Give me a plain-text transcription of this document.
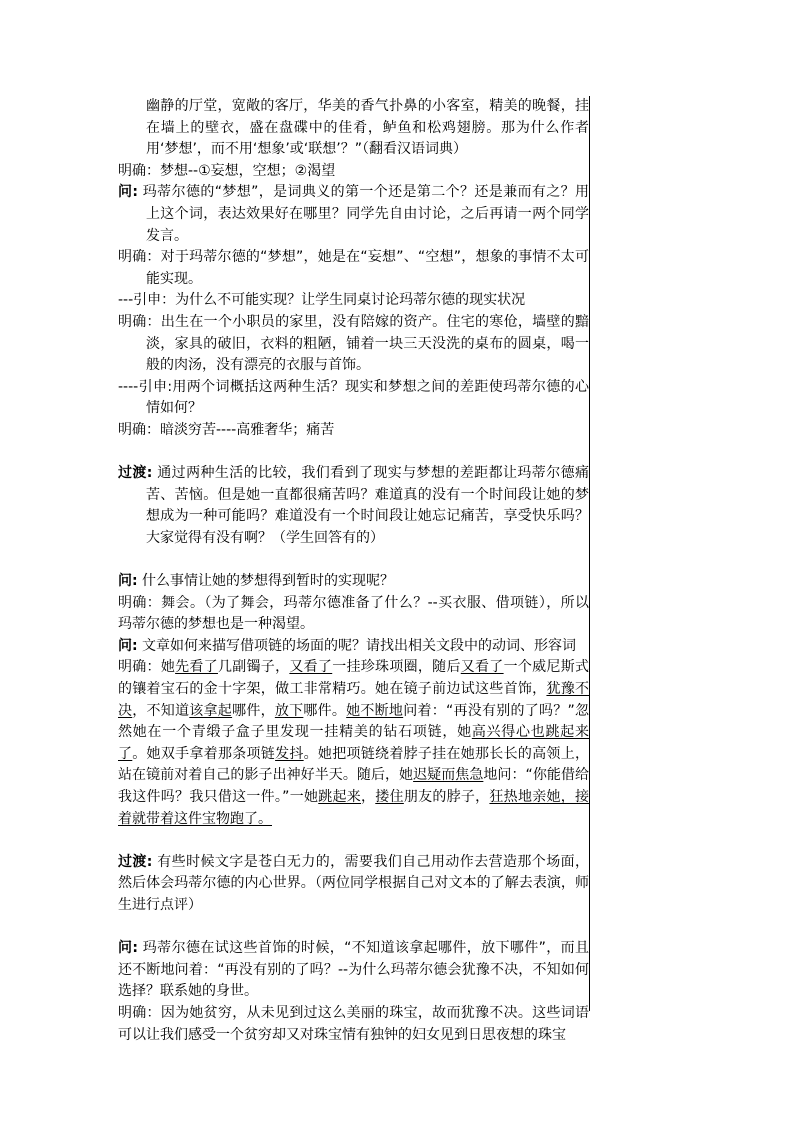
幽静的厅堂，宽敞的客厅，华美的香气扑鼻的小客室，精美的晚餐，挂在墙上的壁衣，盛在盘碟中的佳肴，鲈鱼和松鸡翅膀。那为什么作者用‘梦想’，而不用‘想象’或‘联想’？”（翻看汉语词典）

明确：梦想--①妄想，空想；②渴望

问: 玛蒂尔德的“梦想”，是词典义的第一个还是第二个？还是兼而有之？用上这个词，表达效果好在哪里？同学先自由讨论，之后再请一两个同学发言。

明确：对于玛蒂尔德的“梦想”，她是在“妄想”、“空想”，想象的事情不太可能实现。

---引申：为什么不可能实现？让学生同桌讨论玛蒂尔德的现实状况

明确：出生在一个小职员的家里，没有陪嫁的资产。住宅的寒伧，墙壁的黯淡，家具的破旧，衣料的粗陋，铺着一块三天没洗的桌布的圆桌，喝一般的肉汤，没有漂亮的衣服与首饰。

----引申:用两个词概括这两种生活？现实和梦想之间的差距使玛蒂尔德的心情如何？

明确：暗淡穷苦----高雅奢华；痛苦

过渡: 通过两种生活的比较，我们看到了现实与梦想的差距都让玛蒂尔德痛苦、苦恼。但是她一直都很痛苦吗？难道真的没有一个时间段让她的梦想成为一种可能吗？难道没有一个时间段让她忘记痛苦，享受快乐吗？大家觉得有没有啊？（学生回答有的）

问: 什么事情让她的梦想得到暂时的实现呢？

明确：舞会。（为了舞会，玛蒂尔德准备了什么？--买衣服、借项链），所以玛蒂尔德的梦想也是一种渴望。

问: 文章如何来描写借项链的场面的呢？请找出相关文段中的动词、形容词

明确：她先看了几副镯子，又看了一挂珍珠项圈，随后又看了一个威尼斯式的镶着宝石的金十字架，做工非常精巧。她在镜子前边试这些首饰，犹豫不决，不知道该拿起哪件，放下哪件。她不断地问着：“再没有别的了吗？”忽然她在一个青缎子盒子里发现一挂精美的钻石项链，她高兴得心也跳起来了。她双手拿着那条项链发抖。她把项链绕着脖子挂在她那长长的高领上，站在镜前对着自己的影子出神好半天。随后，她迟疑而焦急地问：“你能借给我这件吗？我只借这一件。”一她跳起来，搂住朋友的脖子，狂热地亲她，接着就带着这件宝物跑了。

过渡: 有些时候文字是苍白无力的，需要我们自己用动作去营造那个场面，然后体会玛蒂尔德的内心世界。（两位同学根据自己对文本的了解去表演，师生进行点评）

问: 玛蒂尔德在试这些首饰的时候，“不知道该拿起哪件，放下哪件”，而且还不断地问着：“再没有别的了吗？--为什么玛蒂尔德会犹豫不决，不知如何选择？联系她的身世。

明确：因为她贫穷，从未见到过这么美丽的珠宝，故而犹豫不决。这些词语可以让我们感受一个贫穷却又对珠宝情有独钟的妇女见到日思夜想的珠宝
